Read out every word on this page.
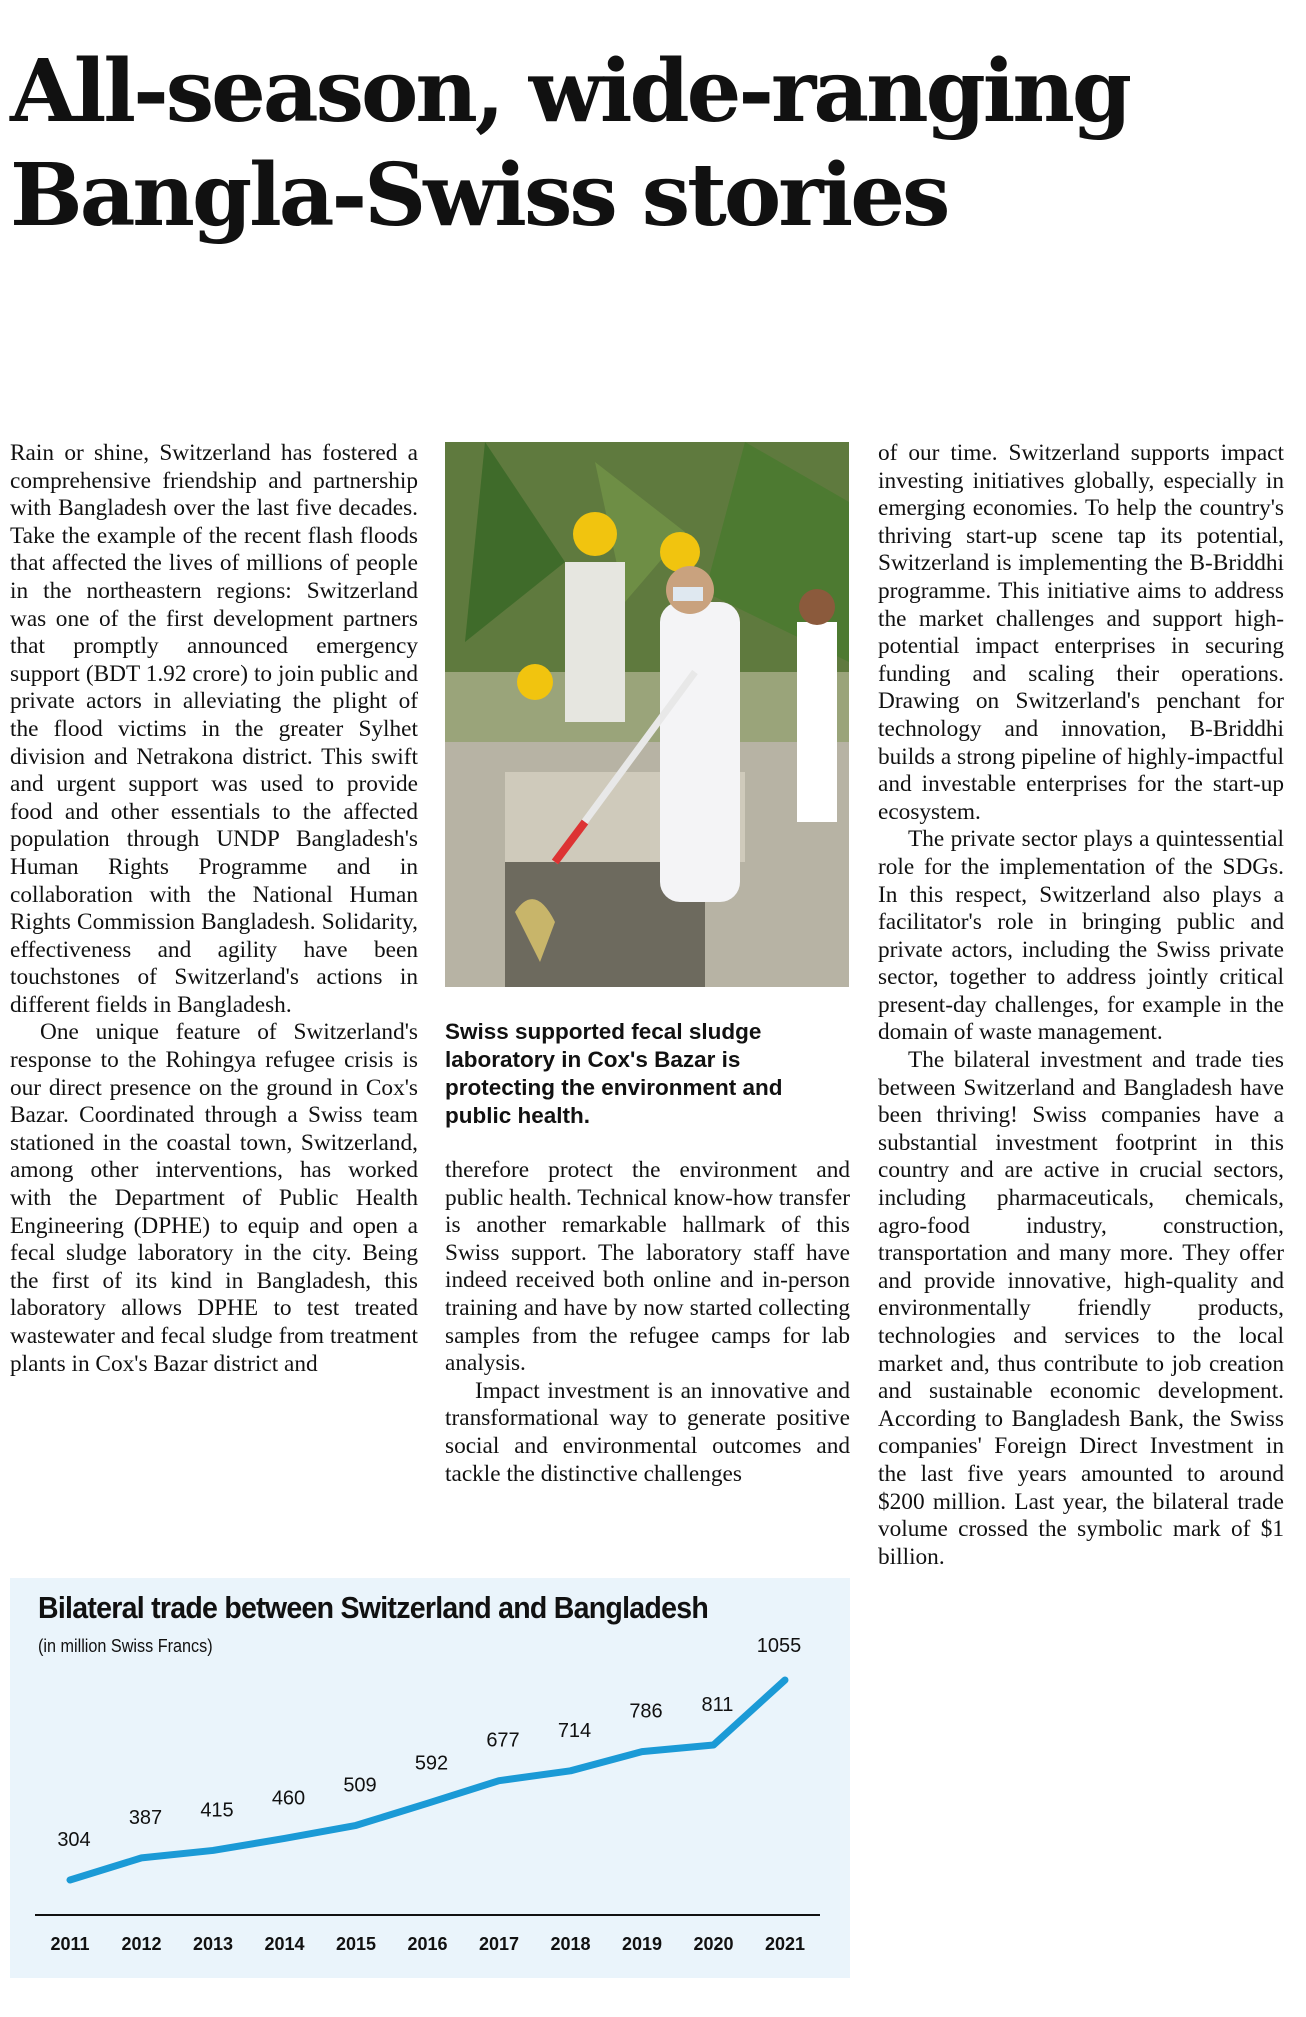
All-season, wide-ranging Bangla-Swiss stories

Rain or shine, Switzerland has fostered a comprehensive friendship and partnership with Bangladesh over the last five decades. Take the example of the recent flash floods that affected the lives of millions of people in the northeastern regions: Switzerland was one of the first development partners that promptly announced emergency support (BDT 1.92 crore) to join public and private actors in alleviating the plight of the flood victims in the greater Sylhet division and Netrakona district. This swift and urgent support was used to provide food and other essentials to the affected population through UNDP Bangladesh's Human Rights Programme and in collaboration with the National Human Rights Commission Bangladesh. Solidarity, effectiveness and agility have been touchstones of Switzerland's actions in different fields in Bangladesh.

One unique feature of Switzerland's response to the Rohingya refugee crisis is our direct presence on the ground in Cox's Bazar. Coordinated through a Swiss team stationed in the coastal town, Switzerland, among other interventions, has worked with the Department of Public Health Engineering (DPHE) to equip and open a fecal sludge laboratory in the city. Being the first of its kind in Bangladesh, this laboratory allows DPHE to test treated wastewater and fecal sludge from treatment plants in Cox's Bazar district and

Swiss supported fecal sludge laboratory in Cox's Bazar is protecting the environment and public health.

therefore protect the environment and public health. Technical know-how transfer is another remarkable hallmark of this Swiss support. The laboratory staff have indeed received both online and in-person training and have by now started collecting samples from the refugee camps for lab analysis.

Impact investment is an innovative and transformational way to generate positive social and environmental outcomes and tackle the distinctive challenges

of our time. Switzerland supports impact investing initiatives globally, especially in emerging economies. To help the country's thriving start-up scene tap its potential, Switzerland is implementing the B-Briddhi programme. This initiative aims to address the market challenges and support high-potential impact enterprises in securing funding and scaling their operations. Drawing on Switzerland's penchant for technology and innovation, B-Briddhi builds a strong pipeline of highly-impactful and investable enterprises for the start-up ecosystem.

The private sector plays a quintessential role for the implementation of the SDGs. In this respect, Switzerland also plays a facilitator's role in bringing public and private actors, including the Swiss private sector, together to address jointly critical present-day challenges, for example in the domain of waste management.

The bilateral investment and trade ties between Switzerland and Bangladesh have been thriving! Swiss companies have a substantial investment footprint in this country and are active in crucial sectors, including pharmaceuticals, chemicals, agro-food industry, construction, transportation and many more. They offer and provide innovative, high-quality and environmentally friendly products, technologies and services to the local market and, thus contribute to job creation and sustainable economic development. According to Bangladesh Bank, the Swiss companies' Foreign Direct Investment in the last five years amounted to around $200 million. Last year, the bilateral trade volume crossed the symbolic mark of $1 billion.

2011 2012 2013 2014 2015 2016 2017 2018 2019 2020 2021
304
387 415
460
509
592
677 714
786 811
1055
Bilateral trade between Switzerland and Bangladesh
(in million Swiss Francs)
